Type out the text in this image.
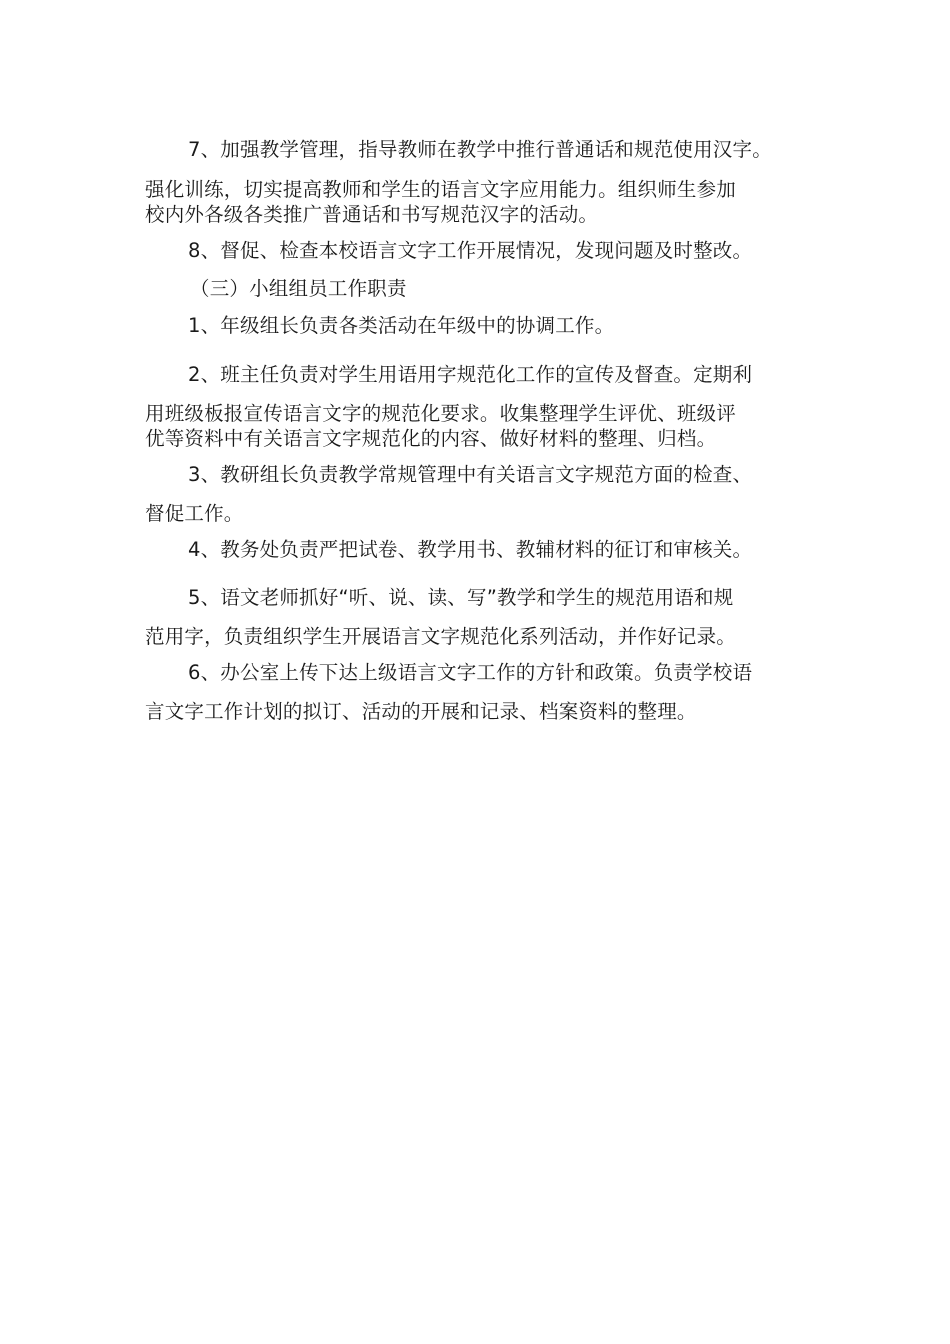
7、加强教学管理，指导教师在教学中推行普通话和规范使用汉字。
强化训练，切实提高教师和学生的语言文字应用能力。组织师生参加
校内外各级各类推广普通话和书写规范汉字的活动。
8、督促、检查本校语言文字工作开展情况，发现问题及时整改。
（三）小组组员工作职责
1、年级组长负责各类活动在年级中的协调工作。
2、班主任负责对学生用语用字规范化工作的宣传及督查。定期利
用班级板报宣传语言文字的规范化要求。收集整理学生评优、班级评
优等资料中有关语言文字规范化的内容、做好材料的整理、归档。
3、教研组长负责教学常规管理中有关语言文字规范方面的检查、
督促工作。
4、教务处负责严把试卷、教学用书、教辅材料的征订和审核关。
5、语文老师抓好“听、说、读、写”教学和学生的规范用语和规
范用字，负责组织学生开展语言文字规范化系列活动，并作好记录。
6、办公室上传下达上级语言文字工作的方针和政策。负责学校语
言文字工作计划的拟订、活动的开展和记录、档案资料的整理。
